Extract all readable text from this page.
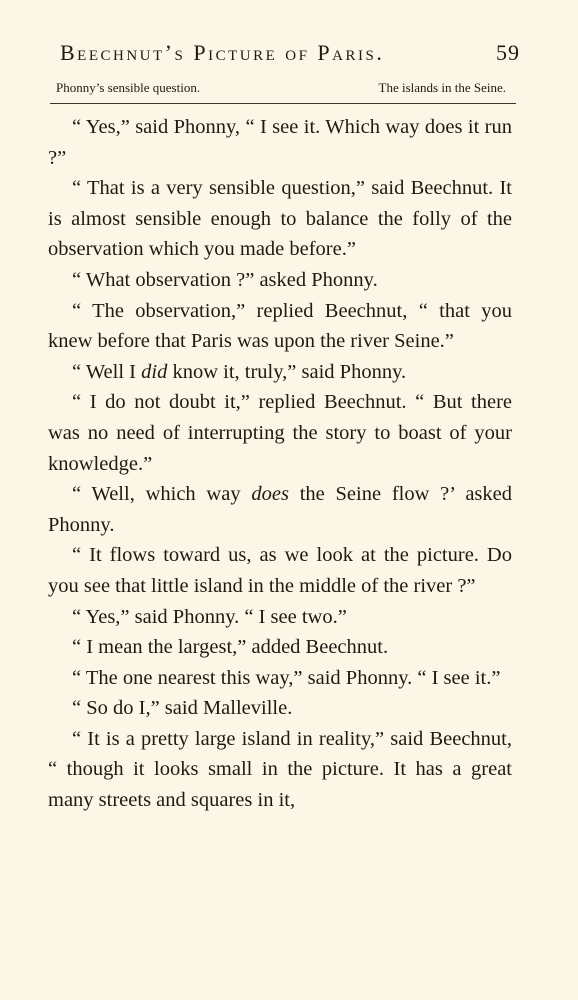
Beechnut’s Picture of Paris.	59
Phonny’s sensible question.	The islands in the Seine.

“ Yes,” said Phonny, “ I see it. Which way does it run ?”

“ That is a very sensible question,” said Beechnut. It is almost sensible enough to balance the folly of the observation which you made before.”

“ What observation ?” asked Phonny.

“ The observation,” replied Beechnut, “ that you knew before that Paris was upon the river Seine.”

“ Well I did know it, truly,” said Phonny.

“ I do not doubt it,” replied Beechnut. “ But there was no need of interrupting the story to boast of your knowledge.”

“ Well, which way does the Seine flow ?’ asked Phonny.

“ It flows toward us, as we look at the picture. Do you see that little island in the middle of the river ?”

“ Yes,” said Phonny. “ I see two.”

“ I mean the largest,” added Beechnut.

“ The one nearest this way,” said Phonny. “ I see it.”

“ So do I,” said Malleville.

“ It is a pretty large island in reality,” said Beechnut, “ though it looks small in the picture. It has a great many streets and squares in it,
